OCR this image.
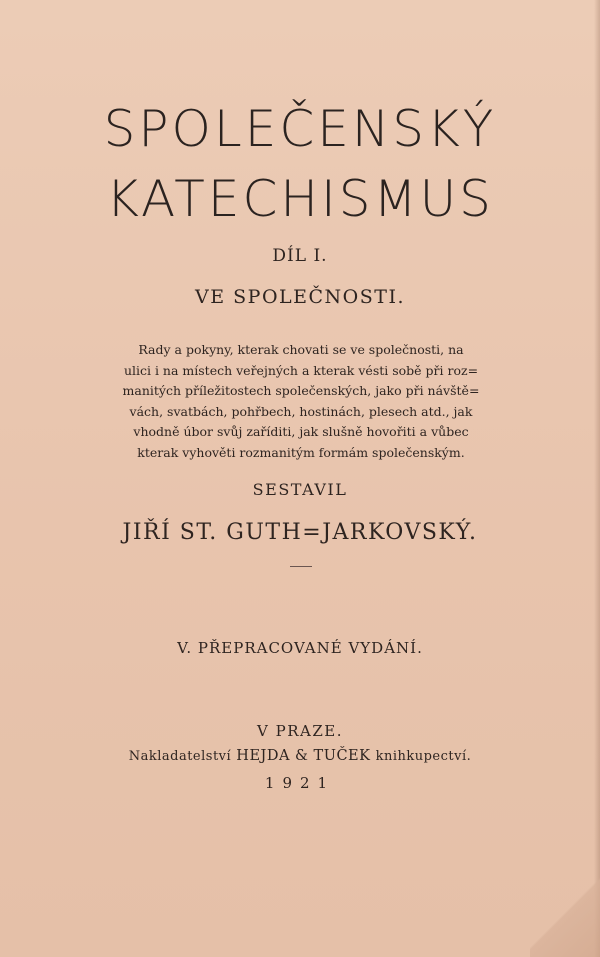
SPOLEČENSKÝ
KATECHISMUS
DÍL I.
VE SPOLEČNOSTI.
Rady a pokyny, kterak chovati se ve společnosti, na
ulici i na místech veřejných a kterak vésti sobě při roz=
manitých příležitostech společenských, jako při návště=
vách, svatbách, pohřbech, hostinách, plesech atd., jak
vhodně úbor svůj zaříditi, jak slušně hovořiti a vůbec
kterak vyhověti rozmanitým formám společenským.
SESTAVIL
JIŘÍ ST. GUTH=JARKOVSKÝ.
V. PŘEPRACOVANÉ VYDÁNÍ.
V PRAZE.
Nakladatelství HEJDA & TUČEK knihkupectví.
1921
